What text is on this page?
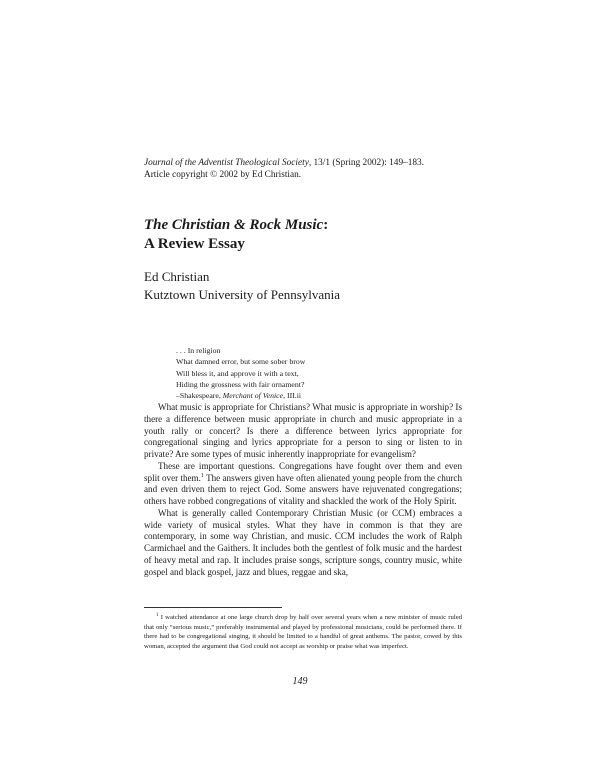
Journal of the Adventist Theological Society, 13/1 (Spring 2002): 149–183.
Article copyright © 2002 by Ed Christian.
The Christian & Rock Music:
A Review Essay
Ed Christian
Kutztown University of Pennsylvania
. . . In religion
What damned error, but some sober brow
Will bless it, and approve it with a text,
Hiding the grossness with fair ornament?
–Shakespeare, Merchant of Venice, III.ii

What music is appropriate for Christians? What music is appropriate in worship? Is there a difference between music appropriate in church and music appropriate in a youth rally or concert? Is there a difference between lyrics appropriate for congregational singing and lyrics appropriate for a person to sing or listen to in private? Are some types of music inherently inappropriate for evangelism?

These are important questions. Congregations have fought over them and even split over them.$^1$ The answers given have often alienated young people from the church and even driven them to reject God. Some answers have rejuvenated congregations; others have robbed congregations of vitality and shackled the work of the Holy Spirit.

What is generally called Contemporary Christian Music (or CCM) embraces a wide variety of musical styles. What they have in common is that they are contemporary, in some way Christian, and music. CCM includes the work of Ralph Carmichael and the Gaithers. It includes both the gentlest of folk music and the hardest of heavy metal and rap. It includes praise songs, scripture songs, country music, white gospel and black gospel, jazz and blues, reggae and ska,

$^1$ I watched attendance at one large church drop by half over several years when a new minister of music ruled that only “serious music,” preferably instrumental and played by professional musicians, could be performed there. If there had to be congregational singing, it should be limited to a handful of great anthems. The pastor, cowed by this woman, accepted the argument that God could not accept as worship or praise what was imperfect.

149
